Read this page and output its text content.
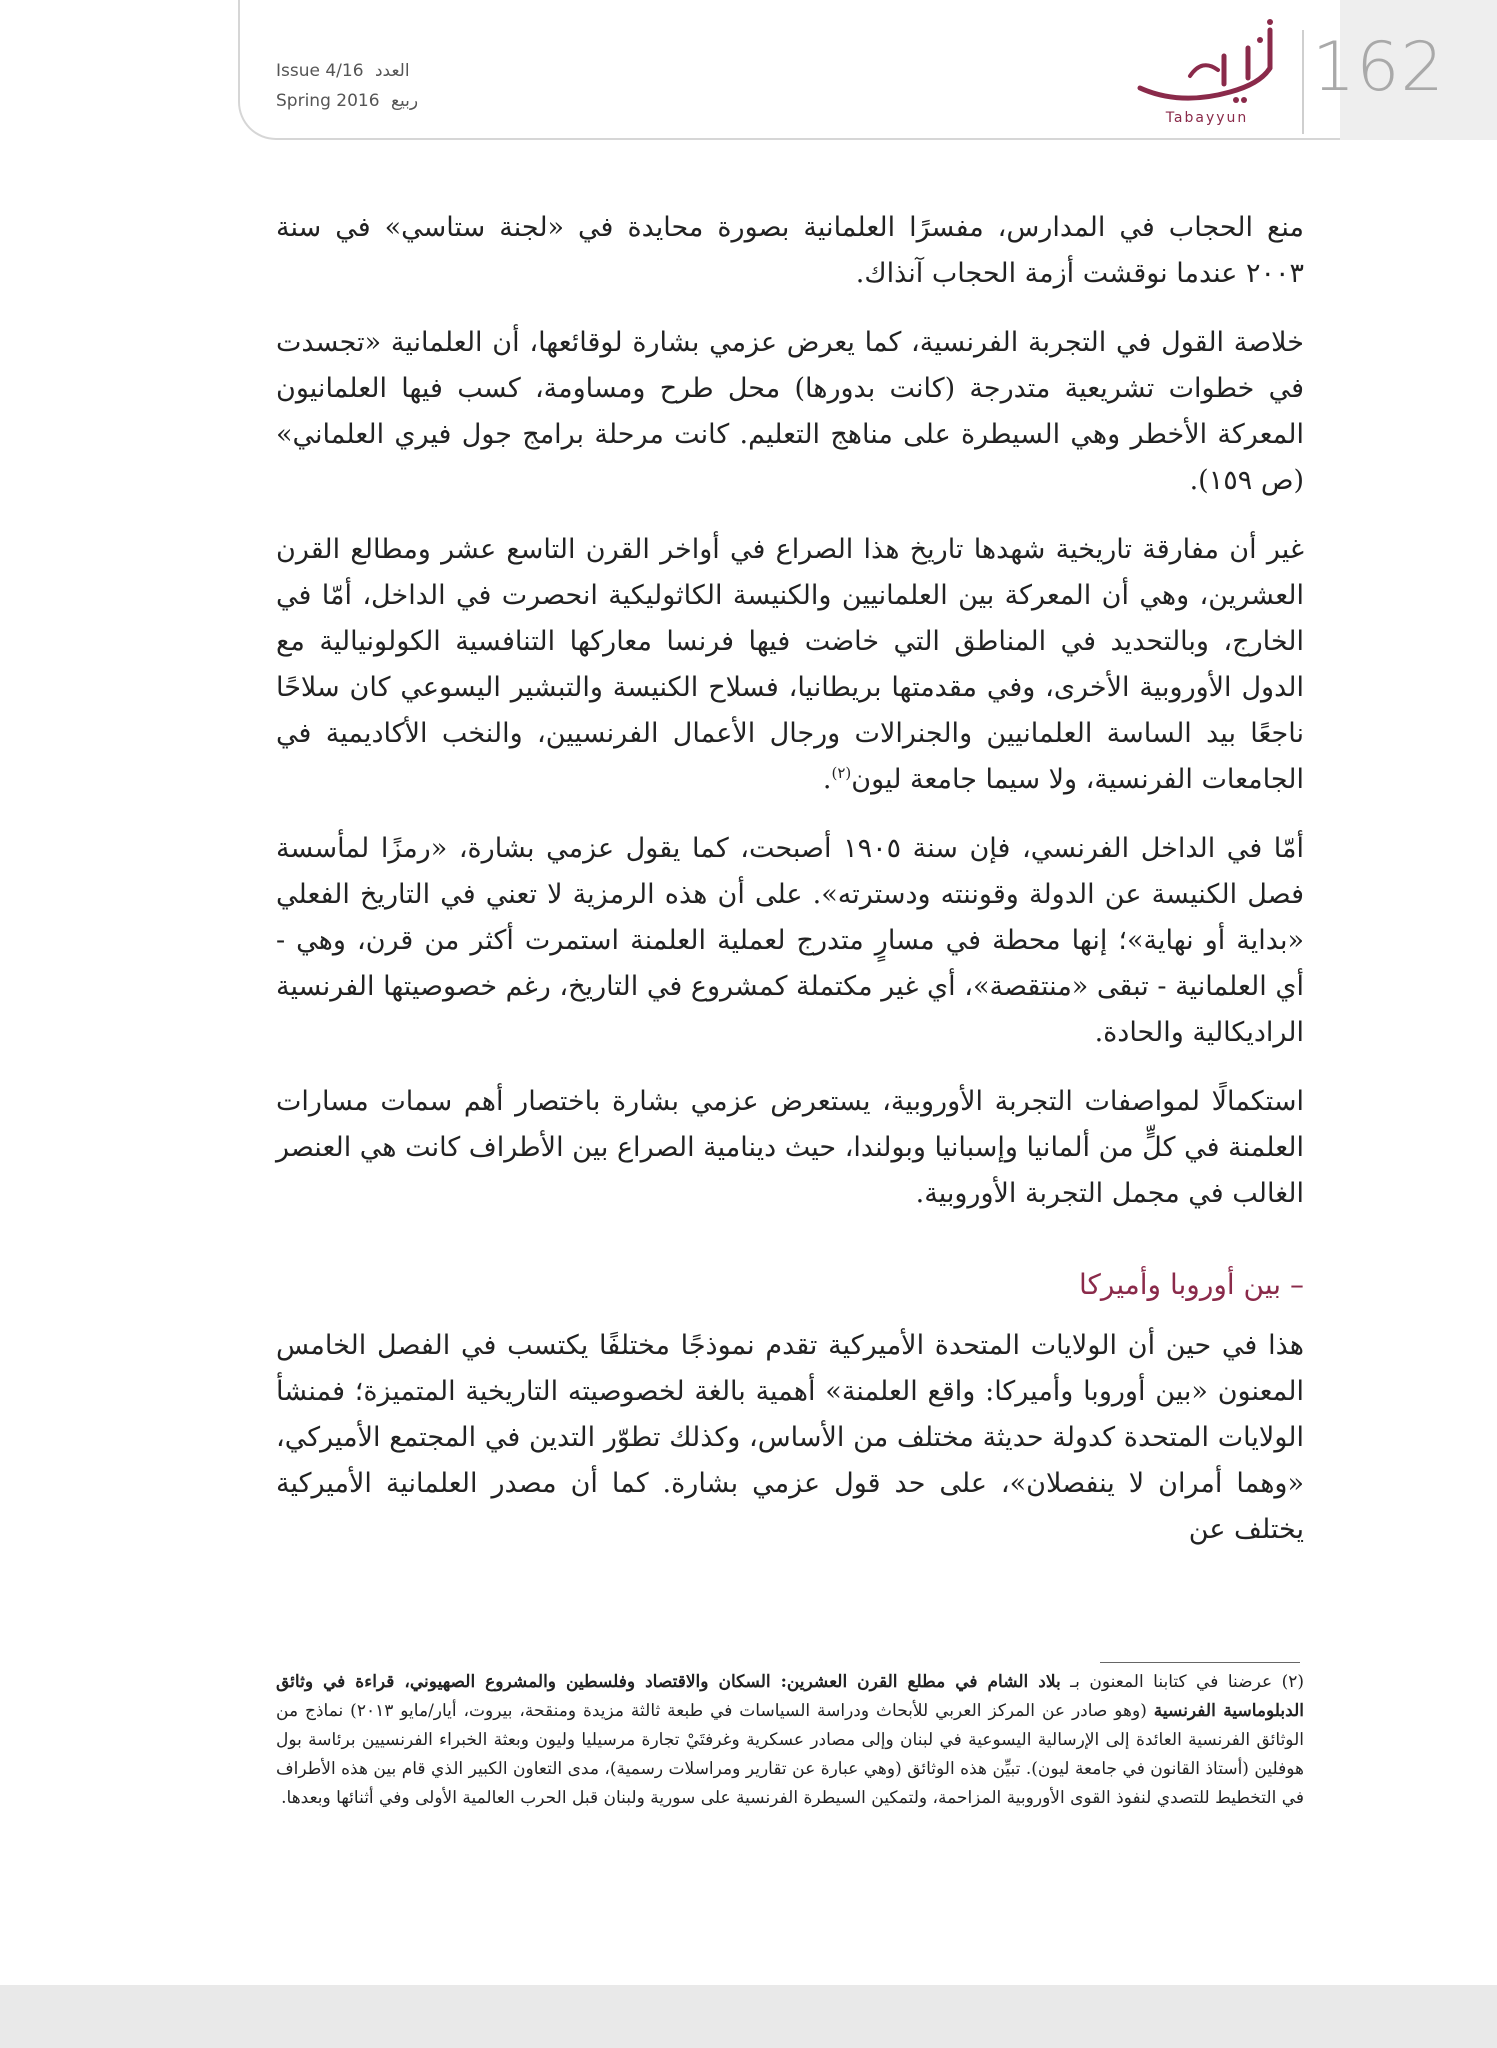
Issue 4/16 العدد
Spring 2016 ربيع
Tabayyun
162

منع الحجاب في المدارس، مفسرًا العلمانية بصورة محايدة في «لجنة ستاسي» في سنة ٢٠٠٣ عندما نوقشت أزمة الحجاب آنذاك.

خلاصة القول في التجربة الفرنسية، كما يعرض عزمي بشارة لوقائعها، أن العلمانية «تجسدت في خطوات تشريعية متدرجة (كانت بدورها) محل طرح ومساومة، كسب فيها العلمانيون المعركة الأخطر وهي السيطرة على مناهج التعليم. كانت مرحلة برامج جول فيري العلماني» (ص ١٥٩).

غير أن مفارقة تاريخية شهدها تاريخ هذا الصراع في أواخر القرن التاسع عشر ومطالع القرن العشرين، وهي أن المعركة بين العلمانيين والكنيسة الكاثوليكية انحصرت في الداخل، أمّا في الخارج، وبالتحديد في المناطق التي خاضت فيها فرنسا معاركها التنافسية الكولونيالية مع الدول الأوروبية الأخرى، وفي مقدمتها بريطانيا، فسلاح الكنيسة والتبشير اليسوعي كان سلاحًا ناجعًا بيد الساسة العلمانيين والجنرالات ورجال الأعمال الفرنسيين، والنخب الأكاديمية في الجامعات الفرنسية، ولا سيما جامعة ليون$^{(٢)}$.

أمّا في الداخل الفرنسي، فإن سنة ١٩٠٥ أصبحت، كما يقول عزمي بشارة، «رمزًا لمأسسة فصل الكنيسة عن الدولة وقوننته ودسترته». على أن هذه الرمزية لا تعني في التاريخ الفعلي «بداية أو نهاية»؛ إنها محطة في مسارٍ متدرج لعملية العلمنة استمرت أكثر من قرن، وهي - أي العلمانية - تبقى «منتقصة»، أي غير مكتملة كمشروع في التاريخ، رغم خصوصيتها الفرنسية الراديكالية والحادة.

استكمالًا لمواصفات التجربة الأوروبية، يستعرض عزمي بشارة باختصار أهم سمات مسارات العلمنة في كلٍّ من ألمانيا وإسبانيا وبولندا، حيث دينامية الصراع بين الأطراف كانت هي العنصر الغالب في مجمل التجربة الأوروبية.

– بين أوروبا وأميركا

هذا في حين أن الولايات المتحدة الأميركية تقدم نموذجًا مختلفًا يكتسب في الفصل الخامس المعنون «بين أوروبا وأميركا: واقع العلمنة» أهمية بالغة لخصوصيته التاريخية المتميزة؛ فمنشأ الولايات المتحدة كدولة حديثة مختلف من الأساس، وكذلك تطوّر التدين في المجتمع الأميركي، «وهما أمران لا ينفصلان»، على حد قول عزمي بشارة. كما أن مصدر العلمانية الأميركية يختلف عن

(٢) عرضنا في كتابنا المعنون بـ بلاد الشام في مطلع القرن العشرين: السكان والاقتصاد وفلسطين والمشروع الصهيوني، قراءة في وثائق الدبلوماسية الفرنسية (وهو صادر عن المركز العربي للأبحاث ودراسة السياسات في طبعة ثالثة مزيدة ومنقحة، بيروت، أيار/مايو ٢٠١٣) نماذج من الوثائق الفرنسية العائدة إلى الإرسالية اليسوعية في لبنان وإلى مصادر عسكرية وغرفتَيْ تجارة مرسيليا وليون وبعثة الخبراء الفرنسيين برئاسة بول هوفلين (أستاذ القانون في جامعة ليون). تبيِّن هذه الوثائق (وهي عبارة عن تقارير ومراسلات رسمية)، مدى التعاون الكبير الذي قام بين هذه الأطراف في التخطيط للتصدي لنفوذ القوى الأوروبية المزاحمة، ولتمكين السيطرة الفرنسية على سورية ولبنان قبل الحرب العالمية الأولى وفي أثنائها وبعدها.
